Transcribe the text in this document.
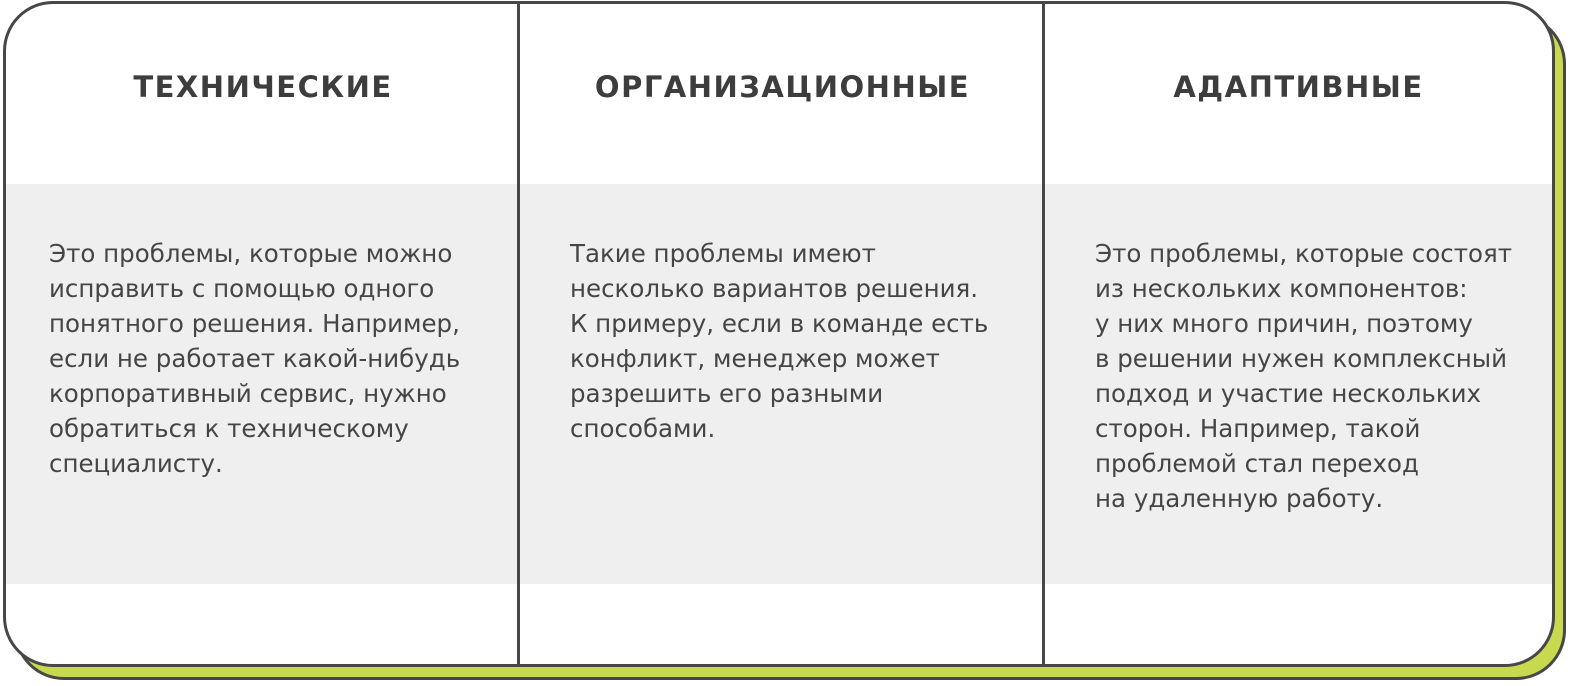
ТЕХНИЧЕСКИЕ
Это проблемы, которые можно
исправить с помощью одного
понятного решения. Например,
если не работает какой-нибудь
корпоративный сервис, нужно
обратиться к техническому
специалисту.
ОРГАНИЗАЦИОННЫЕ
Такие проблемы имеют
несколько вариантов решения.
К примеру, если в команде есть
конфликт, менеджер может
разрешить его разными
способами.
АДАПТИВНЫЕ
Это проблемы, которые состоят
из нескольких компонентов:
у них много причин, поэтому
в решении нужен комплексный
подход и участие нескольких
сторон. Например, такой
проблемой стал переход
на удаленную работу.
